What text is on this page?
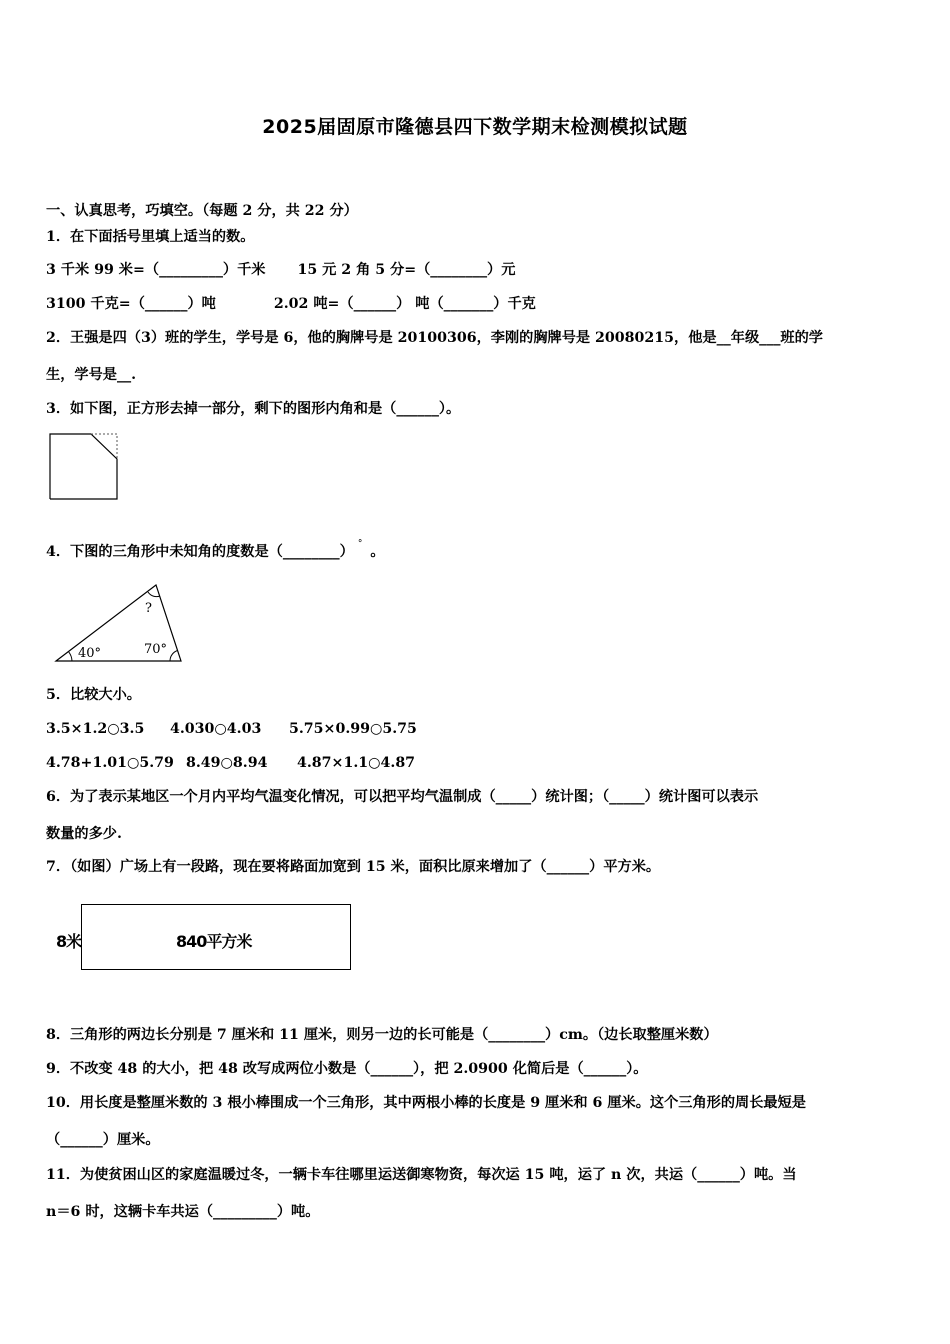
2025届固原市隆德县四下数学期末检测模拟试题
一、认真思考，巧填空。（每题 2 分，共 22 分）
1．在下面括号里填上适当的数。
3 千米 99 米=（_________）千米 15 元 2 角 5 分=（________）元
3100 千克=（______）吨	2.02 吨=（______） 吨（_______）千克
2．王强是四（3）班的学生，学号是 6，他的胸牌号是 20100306，李刚的胸牌号是 20080215，他是__年级___班的学
生，学号是__.
3．如下图，正方形去掉一部分，剩下的图形内角和是（______）。
4．下图的三角形中未知角的度数是（________） ° 。
40°	70°
?
5．比较大小。
3.5×1.2○3.5 4.030○4.03 5.75×0.99○5.75
4.78+1.01○5.79 8.49○8.94 4.87×1.1○4.87
6．为了表示某地区一个月内平均气温变化情况，可以把平均气温制成（_____）统计图；（_____）统计图可以表示
数量的多少.
7．（如图）广场上有一段路，现在要将路面加宽到 15 米，面积比原来增加了（______）平方米。
8米	840平方米
8．三角形的两边长分别是 7 厘米和 11 厘米，则另一边的长可能是（________）cm。（边长取整厘米数）
9．不改变 48 的大小，把 48 改写成两位小数是（______），把 2.0900 化简后是（______）。
10．用长度是整厘米数的 3 根小棒围成一个三角形，其中两根小棒的长度是 9 厘米和 6 厘米。这个三角形的周长最短是
（______）厘米。
11．为使贫困山区的家庭温暖过冬，一辆卡车往哪里运送御寒物资，每次运 15 吨，运了 n 次，共运（______）吨。当
n＝6 时，这辆卡车共运（_________）吨。
